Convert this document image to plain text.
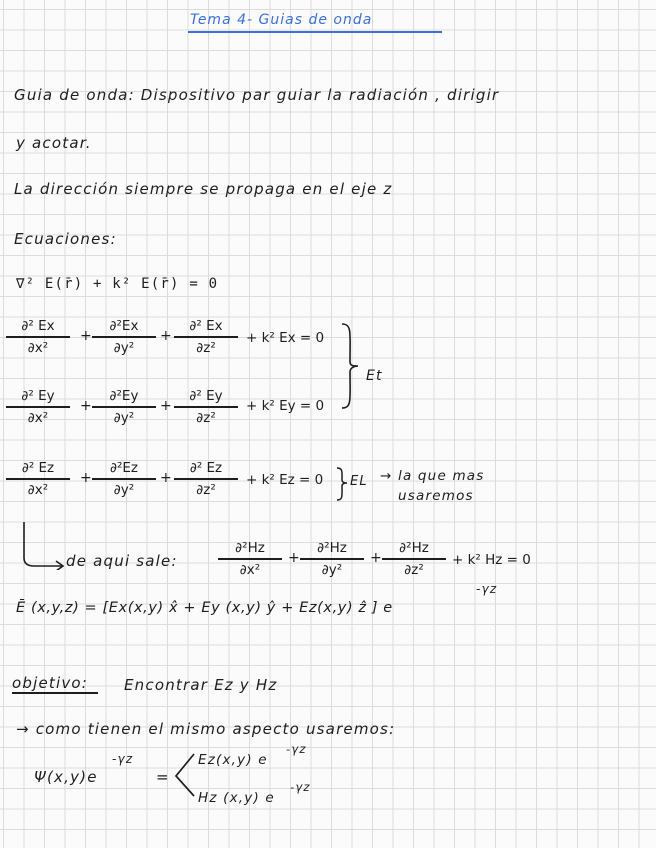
Tema 4- Guias de onda
Guia de onda: Dispositivo par guiar la radiación , dirigir
y acotar.
La dirección siempre se propaga en el eje z
Ecuaciones:
∇² E(r̄) + k² E(r̄) = 0
∂² Ex
∂x²
+
∂²Ex
∂y²
+
∂² Ex
∂z²
+ k² Ex = 0
∂² Ey
∂x²
+
∂²Ey
∂y²
+
∂² Ey
∂z²
+ k² Ey = 0
Et
∂² Ez
∂x²
+
∂²Ez
∂y²
+
∂² Ez
∂z²
+ k² Ez = 0 EL → la que mas
usaremos
de aqui sale:
∂²Hz
∂x²
+
∂²Hz
∂y²
+
∂²Hz
∂z²
+ k² Hz = 0
-γz
Ē (x,y,z) = [Ex(x,y) x̂ + Ey (x,y) ŷ + Ez(x,y) ẑ ] e
objetivo: Encontrar Ez y Hz
→ como tienen el mismo aspecto usaremos:
Ψ(x,y)e
-γz
=
Ez(x,y) e
-γz
Hz (x,y) e
-γz
